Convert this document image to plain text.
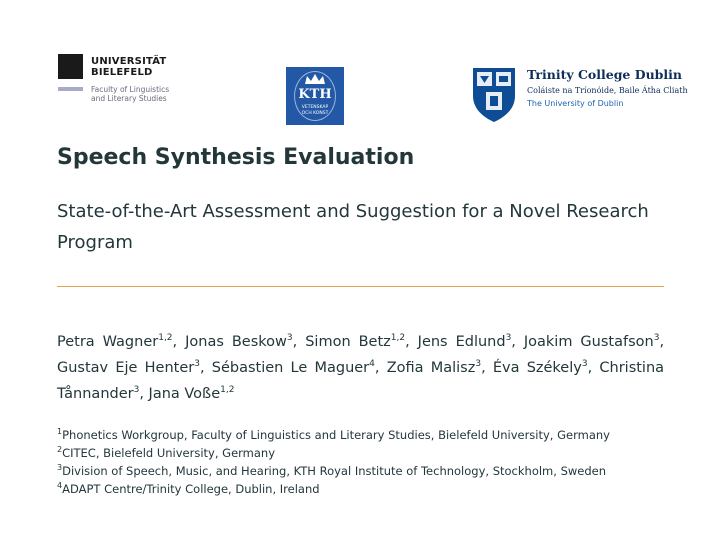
UNIVERSITÄT
BIELEFELD
Faculty of Linguistics
and Literary Studies	KTH
VETENSKAP
OCH KONST
Trinity College Dublin
Coláiste na Tríonóide, Baile Átha Cliath
The University of Dublin
Speech Synthesis Evaluation
State-of-the-Art Assessment and Suggestion for a Novel Research Program
Petra Wagner$^{1,2}$, Jonas Beskow$^3$, Simon Betz$^{1,2}$, Jens Edlund$^3$, Joakim Gustafson$^3$, Gustav Eje Henter$^3$, Sébastien Le Maguer$^4$, Zofia Malisz$^3$, Éva Székely$^3$, Christina Tånnander$^3$, Jana Voße$^{1,2}$
$^1$Phonetics Workgroup, Faculty of Linguistics and Literary Studies, Bielefeld University, Germany
$^2$CITEC, Bielefeld University, Germany
$^3$Division of Speech, Music, and Hearing, KTH Royal Institute of Technology, Stockholm, Sweden
$^4$ADAPT Centre/Trinity College, Dublin, Ireland
